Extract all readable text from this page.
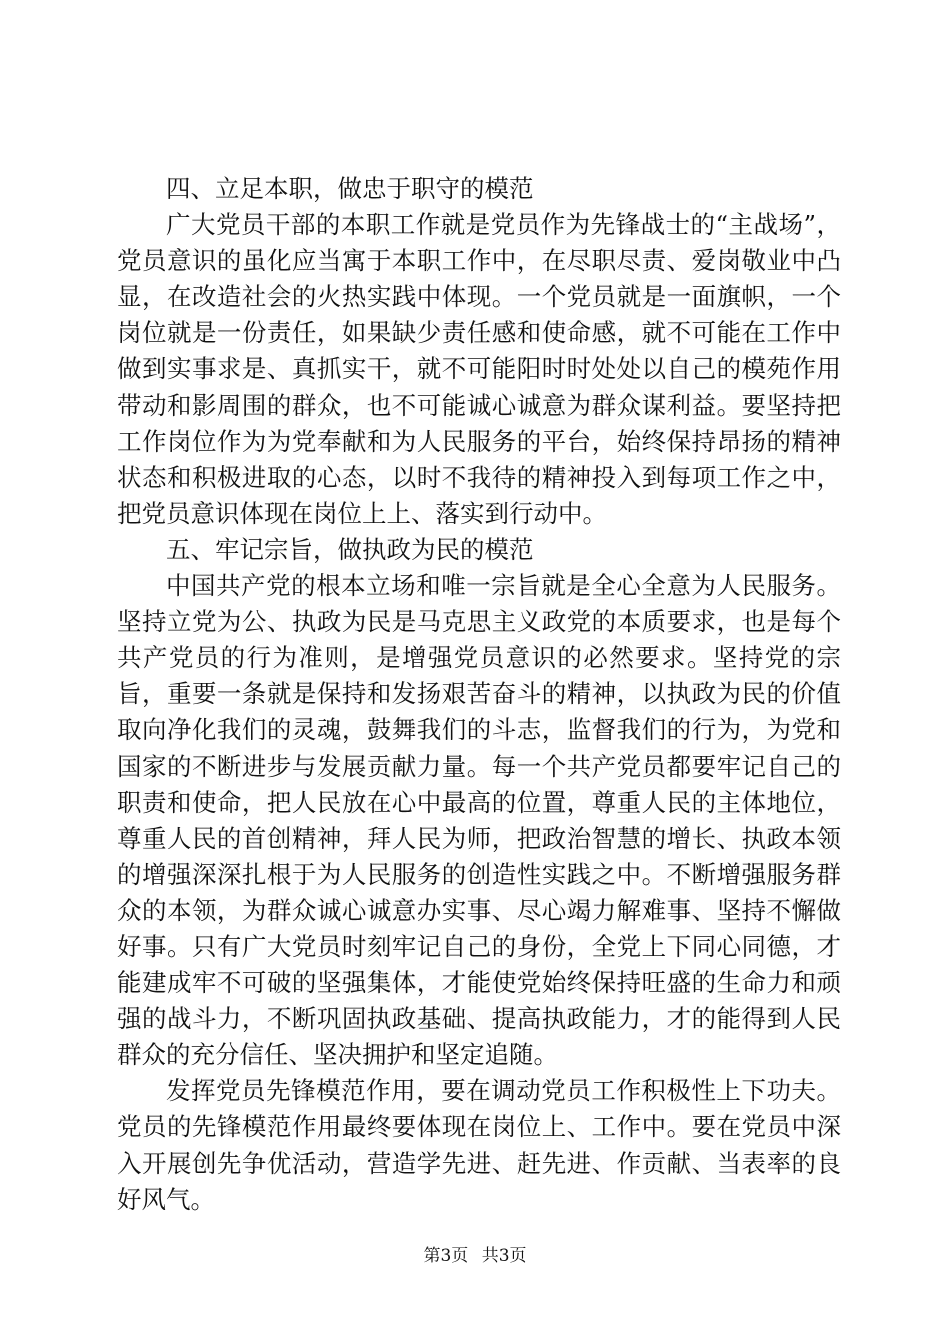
四、立足本职，做忠于职守的模范

广大党员干部的本职工作就是党员作为先锋战士的“主战场”，党员意识的虽化应当寓于本职工作中，在尽职尽责、爱岗敬业中凸显，在改造社会的火热实践中体现。一个党员就是一面旗帜，一个岗位就是一份责任，如果缺少责任感和使命感，就不可能在工作中做到实事求是、真抓实干，就不可能阳时时处处以自己的模苑作用带动和影周围的群众，也不可能诚心诚意为群众谋利益。要坚持把工作岗位作为为党奉献和为人民服务的平台，始终保持昂扬的精神状态和积极进取的心态，以时不我待的精神投入到每项工作之中，把党员意识体现在岗位上上、落实到行动中。

五、牢记宗旨，做执政为民的模范

中国共产党的根本立场和唯一宗旨就是全心全意为人民服务。坚持立党为公、执政为民是马克思主义政党的本质要求，也是每个共产党员的行为准则，是增强党员意识的必然要求。坚持党的宗旨，重要一条就是保持和发扬艰苦奋斗的精神，以执政为民的价值取向净化我们的灵魂，鼓舞我们的斗志，监督我们的行为，为党和国家的不断进步与发展贡献力量。每一个共产党员都要牢记自己的职责和使命，把人民放在心中最高的位置，尊重人民的主体地位，尊重人民的首创精神，拜人民为师，把政治智慧的增长、执政本领的增强深深扎根于为人民服务的创造性实践之中。不断增强服务群众的本领，为群众诚心诚意办实事、尽心竭力解难事、坚持不懈做好事。只有广大党员时刻牢记自己的身份，全党上下同心同德，才能建成牢不可破的坚强集体，才能使党始终保持旺盛的生命力和顽强的战斗力，不断巩固执政基础、提高执政能力，才的能得到人民群众的充分信任、坚决拥护和坚定追随。

发挥党员先锋模范作用，要在调动党员工作积极性上下功夫。党员的先锋模范作用最终要体现在岗位上、工作中。要在党员中深入开展创先争优活动，营造学先进、赶先进、作贡献、当表率的良好风气。

第3页 共3页
